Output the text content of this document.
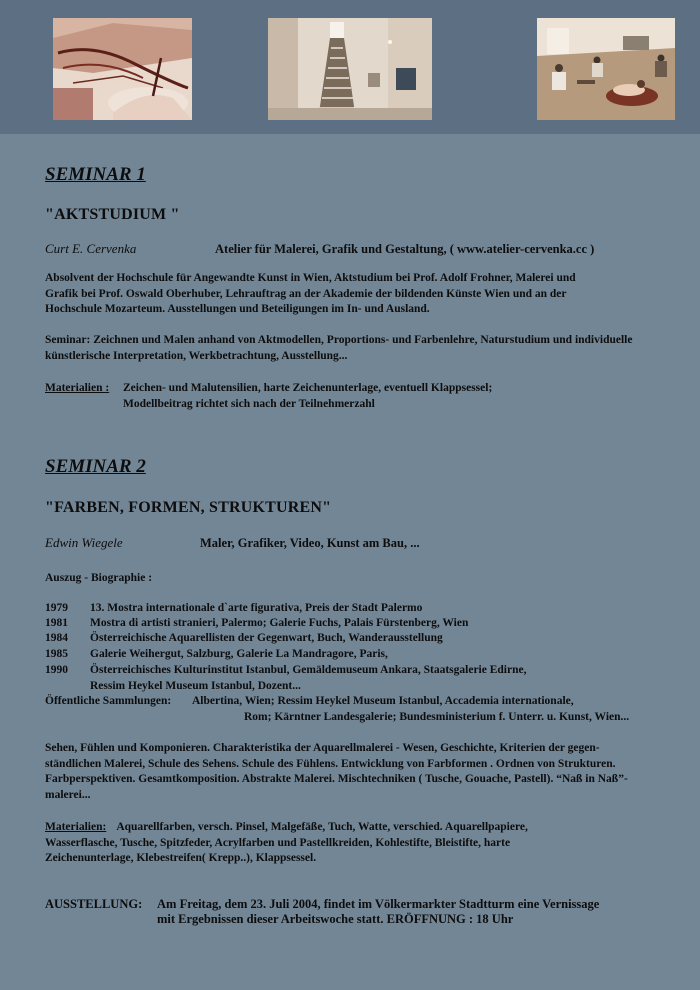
SEMINAR 1
"AKTSTUDIUM "
Curt E. Cervenka	Atelier für Malerei, Grafik und Gestaltung, ( www.atelier-cervenka.cc )
Absolvent der Hochschule für Angewandte Kunst in Wien, Aktstudium bei Prof. Adolf Frohner, Malerei und
Grafik bei Prof. Oswald Oberhuber, Lehrauftrag an der Akademie der bildenden Künste Wien und an der
Hochschule Mozarteum. Ausstellungen und Beteiligungen im In- und Ausland.
Seminar: Zeichnen und Malen anhand von Aktmodellen, Proportions- und Farbenlehre, Naturstudium und individuelle
künstlerische Interpretation, Werkbetrachtung, Ausstellung...
Materialien : Zeichen- und Malutensilien, harte Zeichenunterlage, eventuell Klappsessel;
Modellbeitrag richtet sich nach der Teilnehmerzahl
SEMINAR 2
"FARBEN, FORMEN, STRUKTUREN"
Edwin Wiegele	Maler, Grafiker, Video, Kunst am Bau, ...
Auszug - Biographie :
1979 13. Mostra internationale d`arte figurativa, Preis der Stadt Palermo
1981 Mostra di artisti stranieri, Palermo; Galerie Fuchs, Palais Fürstenberg, Wien
1984 Österreichische Aquarellisten der Gegenwart, Buch, Wanderausstellung
1985 Galerie Weihergut, Salzburg, Galerie La Mandragore, Paris,
1990 Österreichisches Kulturinstitut Istanbul, Gemäldemuseum Ankara, Staatsgalerie Edirne,
Ressim Heykel Museum Istanbul, Dozent...
Öffentliche Sammlungen: Albertina, Wien; Ressim Heykel Museum Istanbul, Accademia internationale,
Rom; Kärntner Landesgalerie; Bundesministerium f. Unterr. u. Kunst, Wien...
Sehen, Fühlen und Komponieren. Charakteristika der Aquarellmalerei - Wesen, Geschichte, Kriterien der gegen-
ständlichen Malerei, Schule des Sehens. Schule des Fühlens. Entwicklung von Farbformen . Ordnen von Strukturen.
Farbperspektiven. Gesamtkomposition. Abstrakte Malerei. Mischtechniken ( Tusche, Gouache, Pastell). “Naß in Naß”-
malerei...
Materialien: Aquarellfarben, versch. Pinsel, Malgefäße, Tuch, Watte, verschied. Aquarellpapiere,
Wasserflasche, Tusche, Spitzfeder, Acrylfarben und Pastellkreiden, Kohlestifte, Bleistifte, harte
Zeichenunterlage, Klebestreifen( Krepp..), Klappsessel.
AUSSTELLUNG: Am Freitag, dem 23. Juli 2004, findet im Völkermarkter Stadtturm eine Vernissage
mit Ergebnissen dieser Arbeitswoche statt. ERÖFFNUNG : 18 Uhr
